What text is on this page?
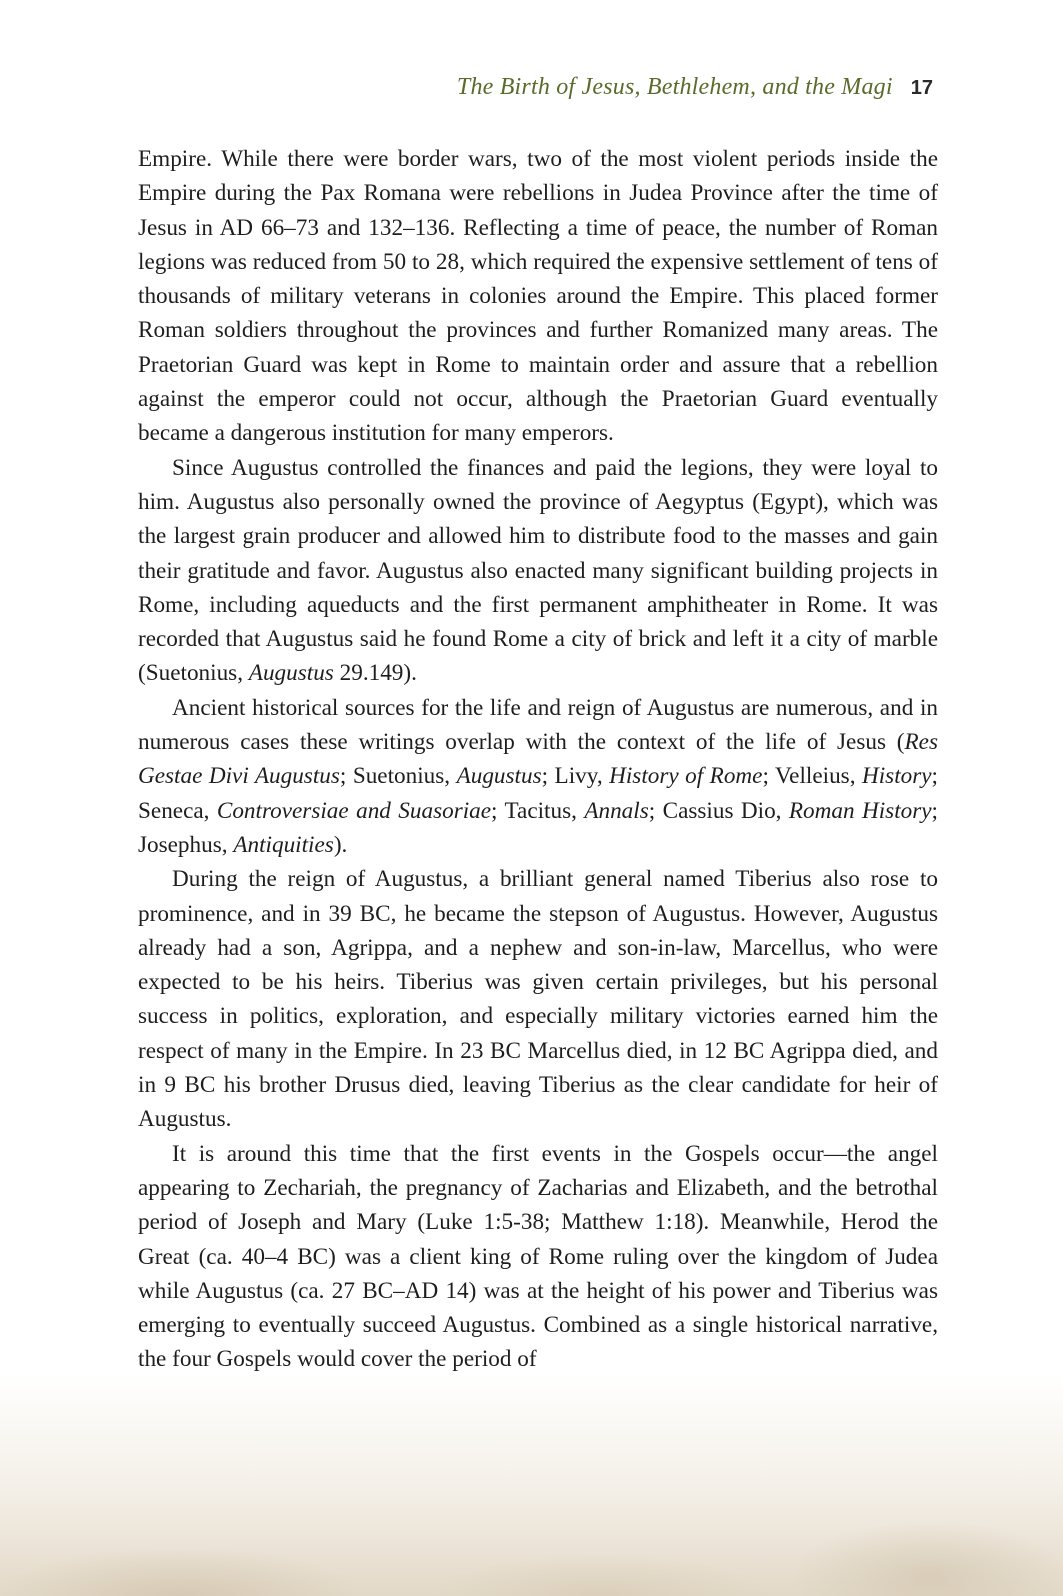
The Birth of Jesus, Bethlehem, and the Magi 17

Empire. While there were border wars, two of the most violent periods inside the Empire during the Pax Romana were rebellions in Judea Province after the time of Jesus in AD 66–73 and 132–136. Reflecting a time of peace, the number of Roman legions was reduced from 50 to 28, which required the expensive settlement of tens of thousands of military veterans in colonies around the Empire. This placed former Roman soldiers throughout the provinces and further Romanized many areas. The Praetorian Guard was kept in Rome to maintain order and assure that a rebellion against the emperor could not occur, although the Praetorian Guard eventually became a dangerous institution for many emperors.

Since Augustus controlled the finances and paid the legions, they were loyal to him. Augustus also personally owned the province of Aegyptus (Egypt), which was the largest grain producer and allowed him to distribute food to the masses and gain their gratitude and favor. Augustus also enacted many significant building projects in Rome, including aqueducts and the first permanent amphitheater in Rome. It was recorded that Augustus said he found Rome a city of brick and left it a city of marble (Suetonius, Augustus 29.149).

Ancient historical sources for the life and reign of Augustus are numerous, and in numerous cases these writings overlap with the context of the life of Jesus (Res Gestae Divi Augustus; Suetonius, Augustus; Livy, History of Rome; Velleius, History; Seneca, Controversiae and Suasoriae; Tacitus, Annals; Cassius Dio, Roman History; Josephus, Antiquities).

During the reign of Augustus, a brilliant general named Tiberius also rose to prominence, and in 39 BC, he became the stepson of Augustus. However, Augustus already had a son, Agrippa, and a nephew and son-in-law, Marcellus, who were expected to be his heirs. Tiberius was given certain privileges, but his personal success in politics, exploration, and especially military victories earned him the respect of many in the Empire. In 23 BC Marcellus died, in 12 BC Agrippa died, and in 9 BC his brother Drusus died, leaving Tiberius as the clear candidate for heir of Augustus.

It is around this time that the first events in the Gospels occur—the angel appearing to Zechariah, the pregnancy of Zacharias and Elizabeth, and the betrothal period of Joseph and Mary (Luke 1:5-38; Matthew 1:18). Meanwhile, Herod the Great (ca. 40–4 BC) was a client king of Rome ruling over the kingdom of Judea while Augustus (ca. 27 BC–AD 14) was at the height of his power and Tiberius was emerging to eventually succeed Augustus. Combined as a single historical narrative, the four Gospels would cover the period of
